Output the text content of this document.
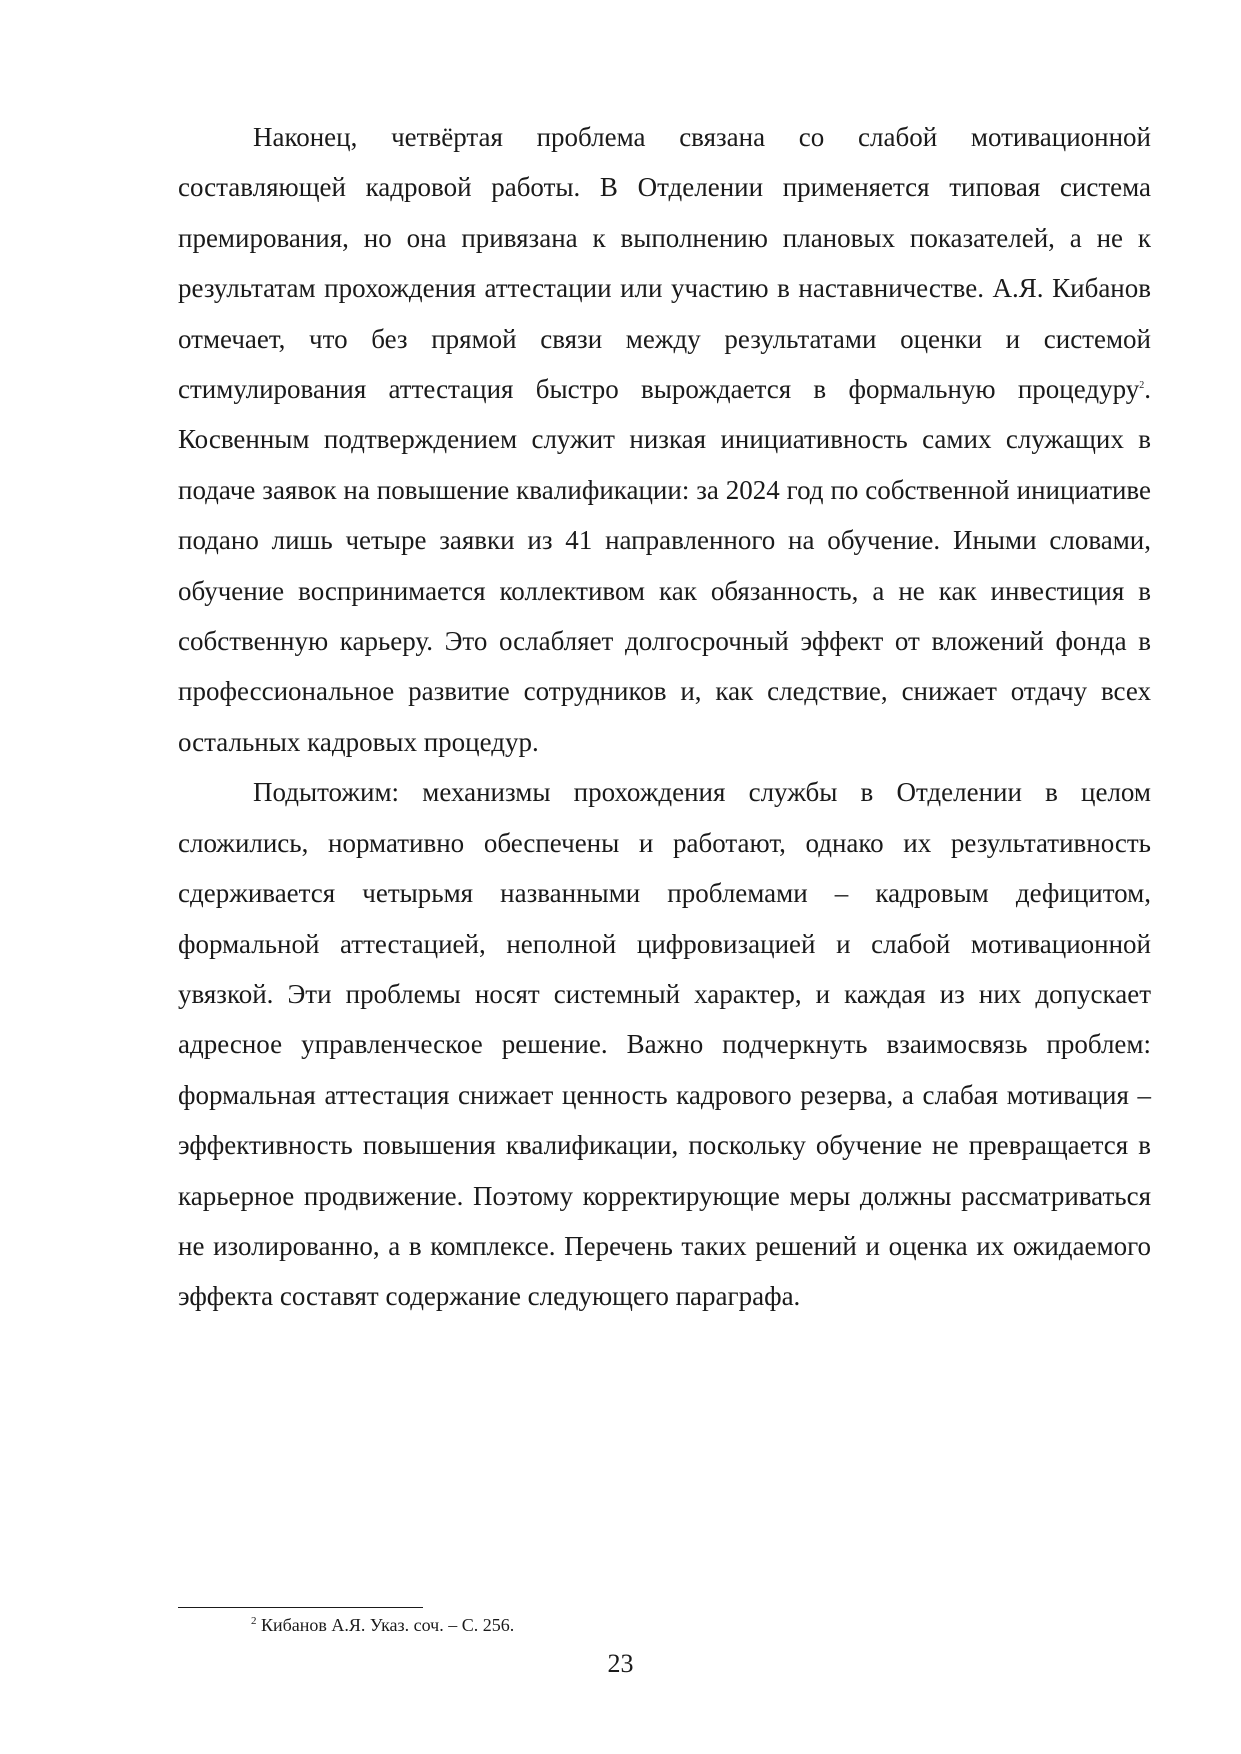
Наконец, четвёртая проблема связана со слабой мотивационной составляющей кадровой работы. В Отделении применяется типовая система премирования, но она привязана к выполнению плановых показателей, а не к результатам прохождения аттестации или участию в наставничестве. А.Я. Кибанов отмечает, что без прямой связи между результатами оценки и системой стимулирования аттестация быстро вырождается в формальную процедуру$^2$. Косвенным подтверждением служит низкая инициативность самих служащих в подаче заявок на повышение квалификации: за 2024 год по собственной инициативе подано лишь четыре заявки из 41 направленного на обучение. Иными словами, обучение воспринимается коллективом как обязанность, а не как инвестиция в собственную карьеру. Это ослабляет долгосрочный эффект от вложений фонда в профессиональное развитие сотрудников и, как следствие, снижает отдачу всех остальных кадровых процедур.

Подытожим: механизмы прохождения службы в Отделении в целом сложились, нормативно обеспечены и работают, однако их результативность сдерживается четырьмя названными проблемами – кадровым дефицитом, формальной аттестацией, неполной цифровизацией и слабой мотивационной увязкой. Эти проблемы носят системный характер, и каждая из них допускает адресное управленческое решение. Важно подчеркнуть взаимосвязь проблем: формальная аттестация снижает ценность кадрового резерва, а слабая мотивация – эффективность повышения квалификации, поскольку обучение не превращается в карьерное продвижение. Поэтому корректирующие меры должны рассматриваться не изолированно, а в комплексе. Перечень таких решений и оценка их ожидаемого эффекта составят содержание следующего параграфа.

$^2$ Кибанов А.Я. Указ. соч. – С. 256.

23
